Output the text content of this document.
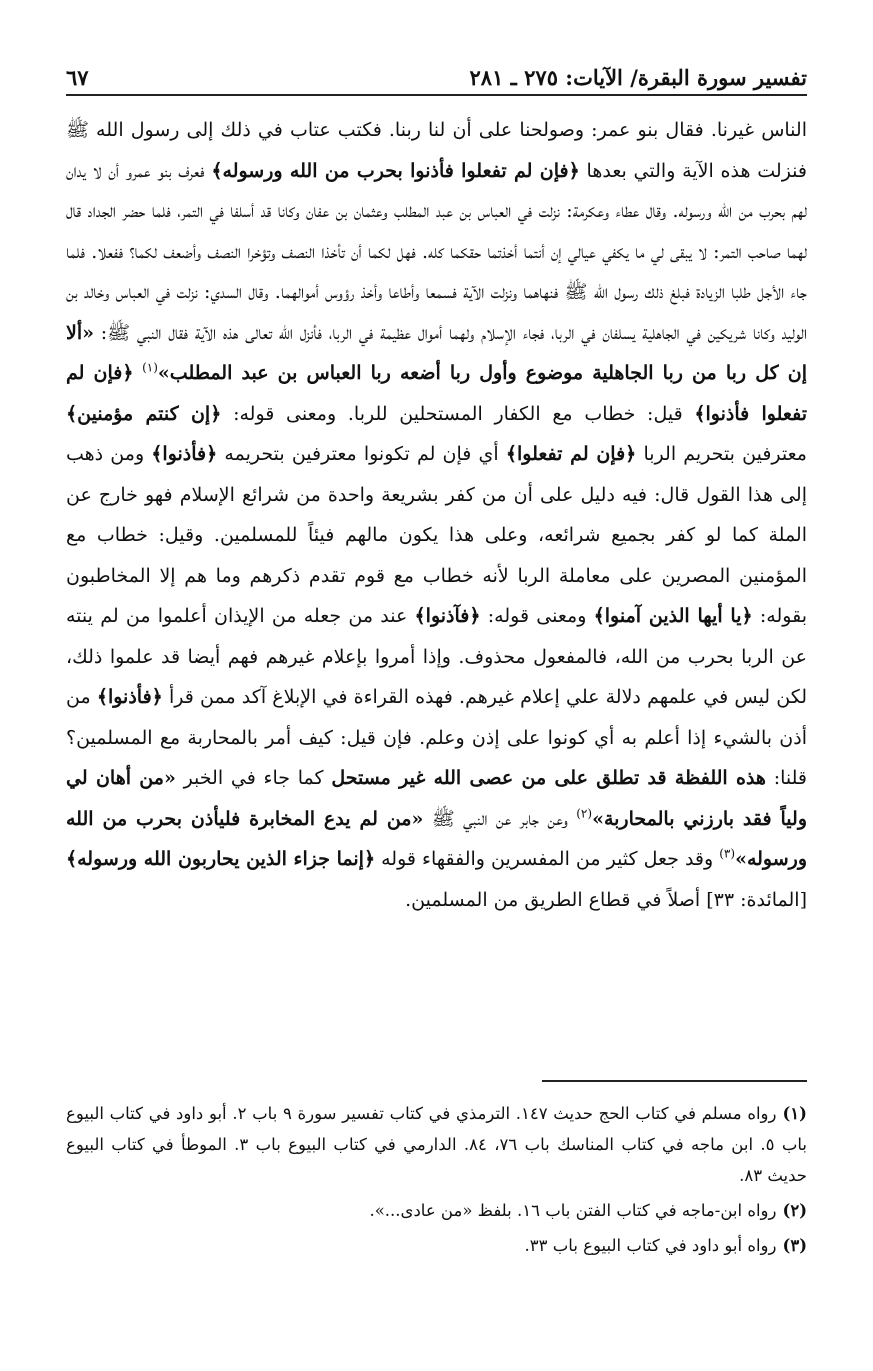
تفسير سورة البقرة/ الآيات: ٢٧٥ ـ ٢٨١
٦٧

الناس غيرنا. فقال بنو عمر: وصولحنا على أن لنا ربنا. فكتب عتاب في ذلك إلى رسول الله ﷺ فنزلت هذه الآية والتي بعدها ﴿فإن لم تفعلوا فأذنوا بحرب من الله ورسوله﴾ فعرف بنو عمرو أن لا يدان لهم بحرب من الله ورسوله. وقال عطاء وعكرمة: نزلت في العباس بن عبد المطلب وعثمان بن عفان وكانا قد أسلفا في التمر، فلما حضر الجداد قال لهما صاحب التمر: لا يبقى لي ما يكفي عيالي إن أنتما أخذتما حقكما كله. فهل لكما أن تأخذا النصف وتؤخرا النصف وأضعف لكما؟ ففعلا. فلما جاء الأجل طلبا الزيادة فبلغ ذلك رسول الله ﷺ فنهاهما ونزلت الآية فسمعا وأطاعا وأخذ رؤوس أموالهما. وقال السدي: نزلت في العباس وخالد بن الوليد وكانا شريكين في الجاهلية يسلفان في الربا، فجاء الإسلام ولهما أموال عظيمة في الربا، فأنزل الله تعالى هذه الآية فقال النبي ﷺ: «ألا إن كل ربا من ربا الجاهلية موضوع وأول ربا أضعه ربا العباس بن عبد المطلب»$^{(١)}$ ﴿فإن لم تفعلوا فأذنوا﴾ قيل: خطاب مع الكفار المستحلين للربا. ومعنى قوله: ﴿إن كنتم مؤمنين﴾ معترفين بتحريم الربا ﴿فإن لم تفعلوا﴾ أي فإن لم تكونوا معترفين بتحريمه ﴿فأذنوا﴾ ومن ذهب إلى هذا القول قال: فيه دليل على أن من كفر بشريعة واحدة من شرائع الإسلام فهو خارج عن الملة كما لو كفر بجميع شرائعه، وعلى هذا يكون مالهم فيئاً للمسلمين. وقيل: خطاب مع المؤمنين المصرين على معاملة الربا لأنه خطاب مع قوم تقدم ذكرهم وما هم إلا المخاطبون بقوله: ﴿يا أيها الذين آمنوا﴾ ومعنى قوله: ﴿فآذنوا﴾ عند من جعله من الإيذان أعلموا من لم ينته عن الربا بحرب من الله، فالمفعول محذوف. وإذا أمروا بإعلام غيرهم فهم أيضا قد علموا ذلك، لكن ليس في علمهم دلالة علي إعلام غيرهم. فهذه القراءة في الإبلاغ آكد ممن قرأ ﴿فأذنوا﴾ من أذن بالشيء إذا أعلم به أي كونوا على إذن وعلم. فإن قيل: كيف أمر بالمحاربة مع المسلمين؟ قلنا: هذه اللفظة قد تطلق على من عصى الله غير مستحل كما جاء في الخبر «من أهان لي ولياً فقد بارزني بالمحاربة»$^{(٢)}$ وعن جابر عن النبي ﷺ «من لم يدع المخابرة فليأذن بحرب من الله ورسوله»$^{(٣)}$ وقد جعل كثير من المفسرين والفقهاء قوله ﴿إنما جزاء الذين يحاربون الله ورسوله﴾ [المائدة: ٣٣] أصلاً في قطاع الطريق من المسلمين.

(١)رواه مسلم في كتاب الحج حديث ١٤٧. الترمذي في كتاب تفسير سورة ٩ باب ٢. أبو داود في كتاب البيوع باب ٥. ابن ماجه في كتاب المناسك باب ٧٦، ٨٤. الدارمي في كتاب البيوع باب ٣. الموطأ في كتاب البيوع حديث ٨٣.

(٢)رواه ابن-ماجه في كتاب الفتن باب ١٦. بلفظ «من عادى...».

(٣)رواه أبو داود في كتاب البيوع باب ٣٣.
